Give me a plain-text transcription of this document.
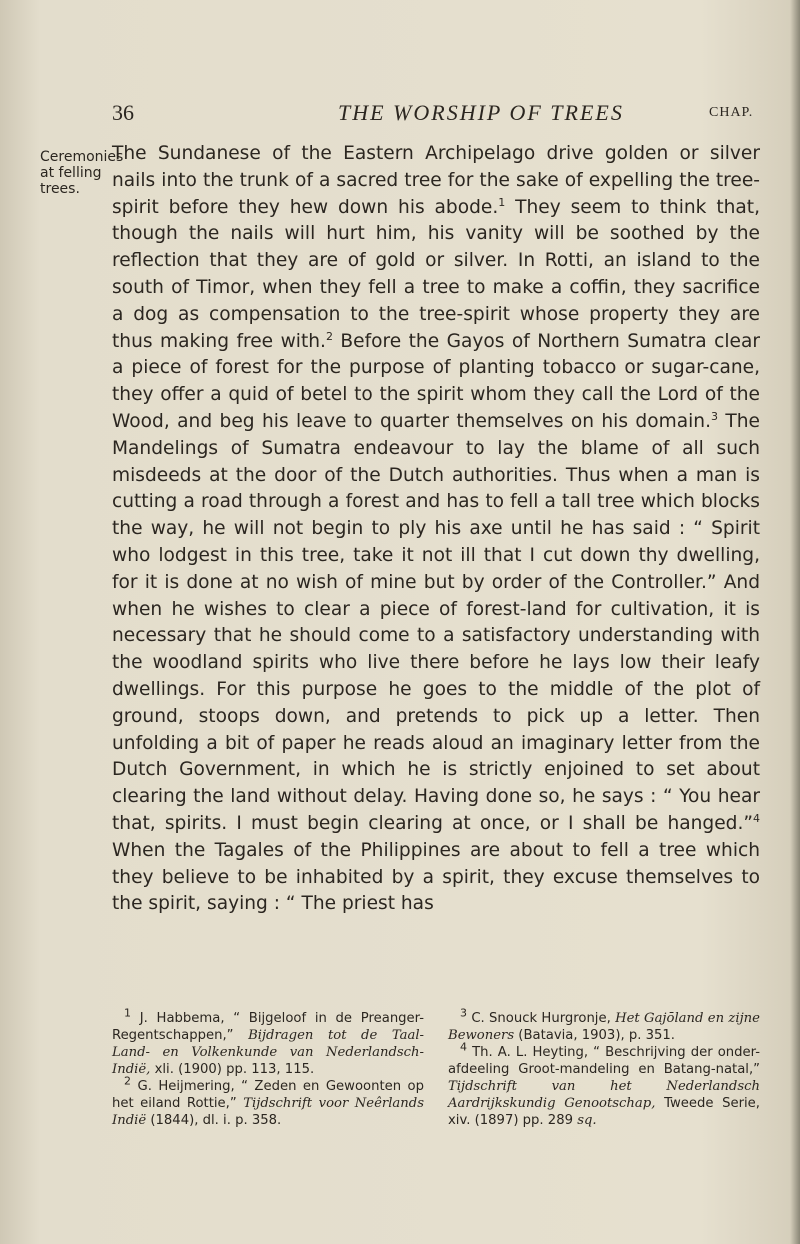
36	THE WORSHIP OF TREES	CHAP.
Ceremonies at felling trees.

The Sundanese of the Eastern Archipelago drive golden or silver nails into the trunk of a sacred tree for the sake of expelling the tree-spirit before they hew down his abode.$^1$ They seem to think that, though the nails will hurt him, his vanity will be soothed by the reflection that they are of gold or silver. In Rotti, an island to the south of Timor, when they fell a tree to make a coffin, they sacrifice a dog as compensation to the tree-spirit whose property they are thus making free with.$^2$ Before the Gayos of Northern Sumatra clear a piece of forest for the purpose of planting tobacco or sugar-cane, they offer a quid of betel to the spirit whom they call the Lord of the Wood, and beg his leave to quarter themselves on his domain.$^3$ The Mandelings of Sumatra endeavour to lay the blame of all such misdeeds at the door of the Dutch authorities. Thus when a man is cutting a road through a forest and has to fell a tall tree which blocks the way, he will not begin to ply his axe until he has said : “ Spirit who lodgest in this tree, take it not ill that I cut down thy dwelling, for it is done at no wish of mine but by order of the Controller.” And when he wishes to clear a piece of forest-land for cultivation, it is necessary that he should come to a satisfactory understanding with the woodland spirits who live there before he lays low their leafy dwellings. For this purpose he goes to the middle of the plot of ground, stoops down, and pretends to pick up a letter. Then unfolding a bit of paper he reads aloud an imaginary letter from the Dutch Government, in which he is strictly enjoined to set about clearing the land without delay. Having done so, he says : “ You hear that, spirits. I must begin clearing at once, or I shall be hanged.”$^4$ When the Tagales of the Philippines are about to fell a tree which they believe to be inhabited by a spirit, they excuse themselves to the spirit, saying : “ The priest has

$^1$ J. Habbema, “ Bijgeloof in de Preanger-Regentschappen,” Bijdragen tot de Taal- Land- en Volkenkunde van Nederlandsch-Indië, xli. (1900) pp. 113, 115.

$^2$ G. Heijmering, “ Zeden en Gewoonten op het eiland Rottie,” Tijdschrift voor Neêrlands Indië (1844), dl. i. p. 358.

$^3$ C. Snouck Hurgronje, Het Gajōland en zijne Bewoners (Batavia, 1903), p. 351.

$^4$ Th. A. L. Heyting, “ Beschrijving der onder-afdeeling Groot-mandeling en Batang-natal,” Tijdschrift van het Nederlandsch Aardrijkskundig Genootschap, Tweede Serie, xiv. (1897) pp. 289 sq.
